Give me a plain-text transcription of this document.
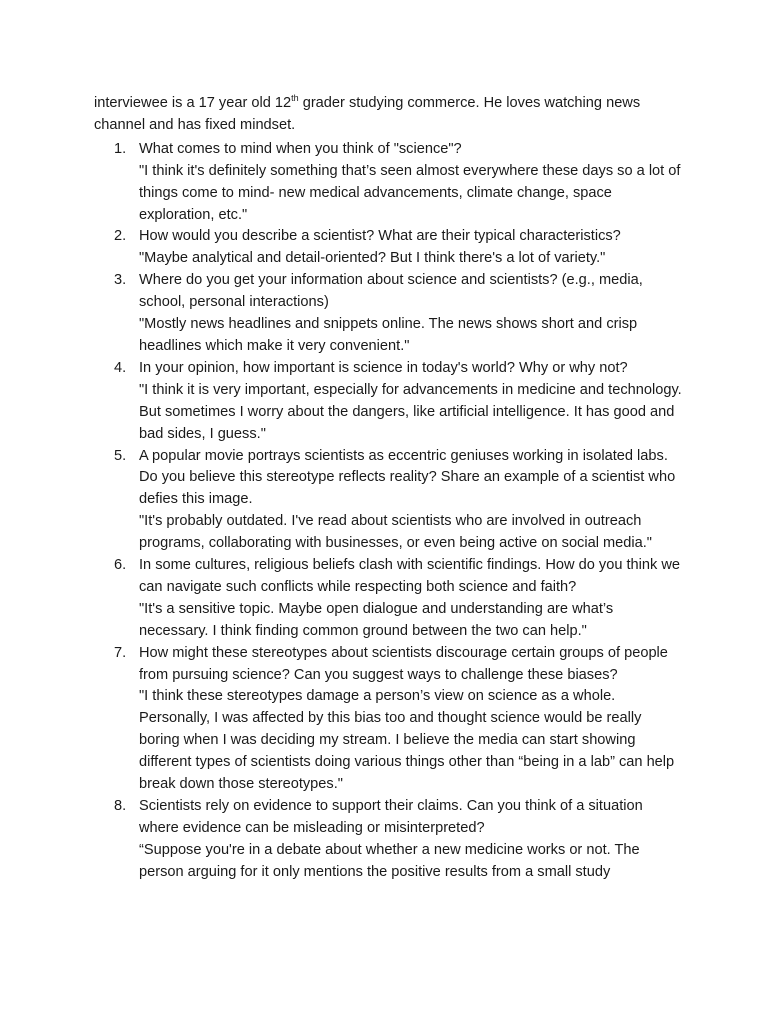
interviewee is a 17 year old 12th grader studying commerce. He loves watching news channel and has fixed mindset.

1. What comes to mind when you think of "science"?
"I think it's definitely something that’s seen almost everywhere these days so a lot of things come to mind- new medical advancements, climate change, space exploration, etc."
2. How would you describe a scientist? What are their typical characteristics?
"Maybe analytical and detail-oriented? But I think there's a lot of variety."
3. Where do you get your information about science and scientists? (e.g., media, school, personal interactions)
"Mostly news headlines and snippets online. The news shows short and crisp headlines which make it very convenient."
4. In your opinion, how important is science in today's world? Why or why not?
"I think it is very important, especially for advancements in medicine and technology. But sometimes I worry about the dangers, like artificial intelligence. It has good and bad sides, I guess."
5. A popular movie portrays scientists as eccentric geniuses working in isolated labs. Do you believe this stereotype reflects reality? Share an example of a scientist who defies this image.
"It's probably outdated. I've read about scientists who are involved in outreach programs, collaborating with businesses, or even being active on social media."
6. In some cultures, religious beliefs clash with scientific findings. How do you think we can navigate such conflicts while respecting both science and faith?
"It's a sensitive topic. Maybe open dialogue and understanding are what’s necessary. I think finding common ground between the two can help."
7. How might these stereotypes about scientists discourage certain groups of people from pursuing science? Can you suggest ways to challenge these biases?
"I think these stereotypes damage a person’s view on science as a whole. Personally, I was affected by this bias too and thought science would be really boring when I was deciding my stream. I believe the media can start showing different types of scientists doing various things other than “being in a lab” can help break down those stereotypes."
8. Scientists rely on evidence to support their claims. Can you think of a situation where evidence can be misleading or misinterpreted?
“Suppose you're in a debate about whether a new medicine works or not. The person arguing for it only mentions the positive results from a small study
